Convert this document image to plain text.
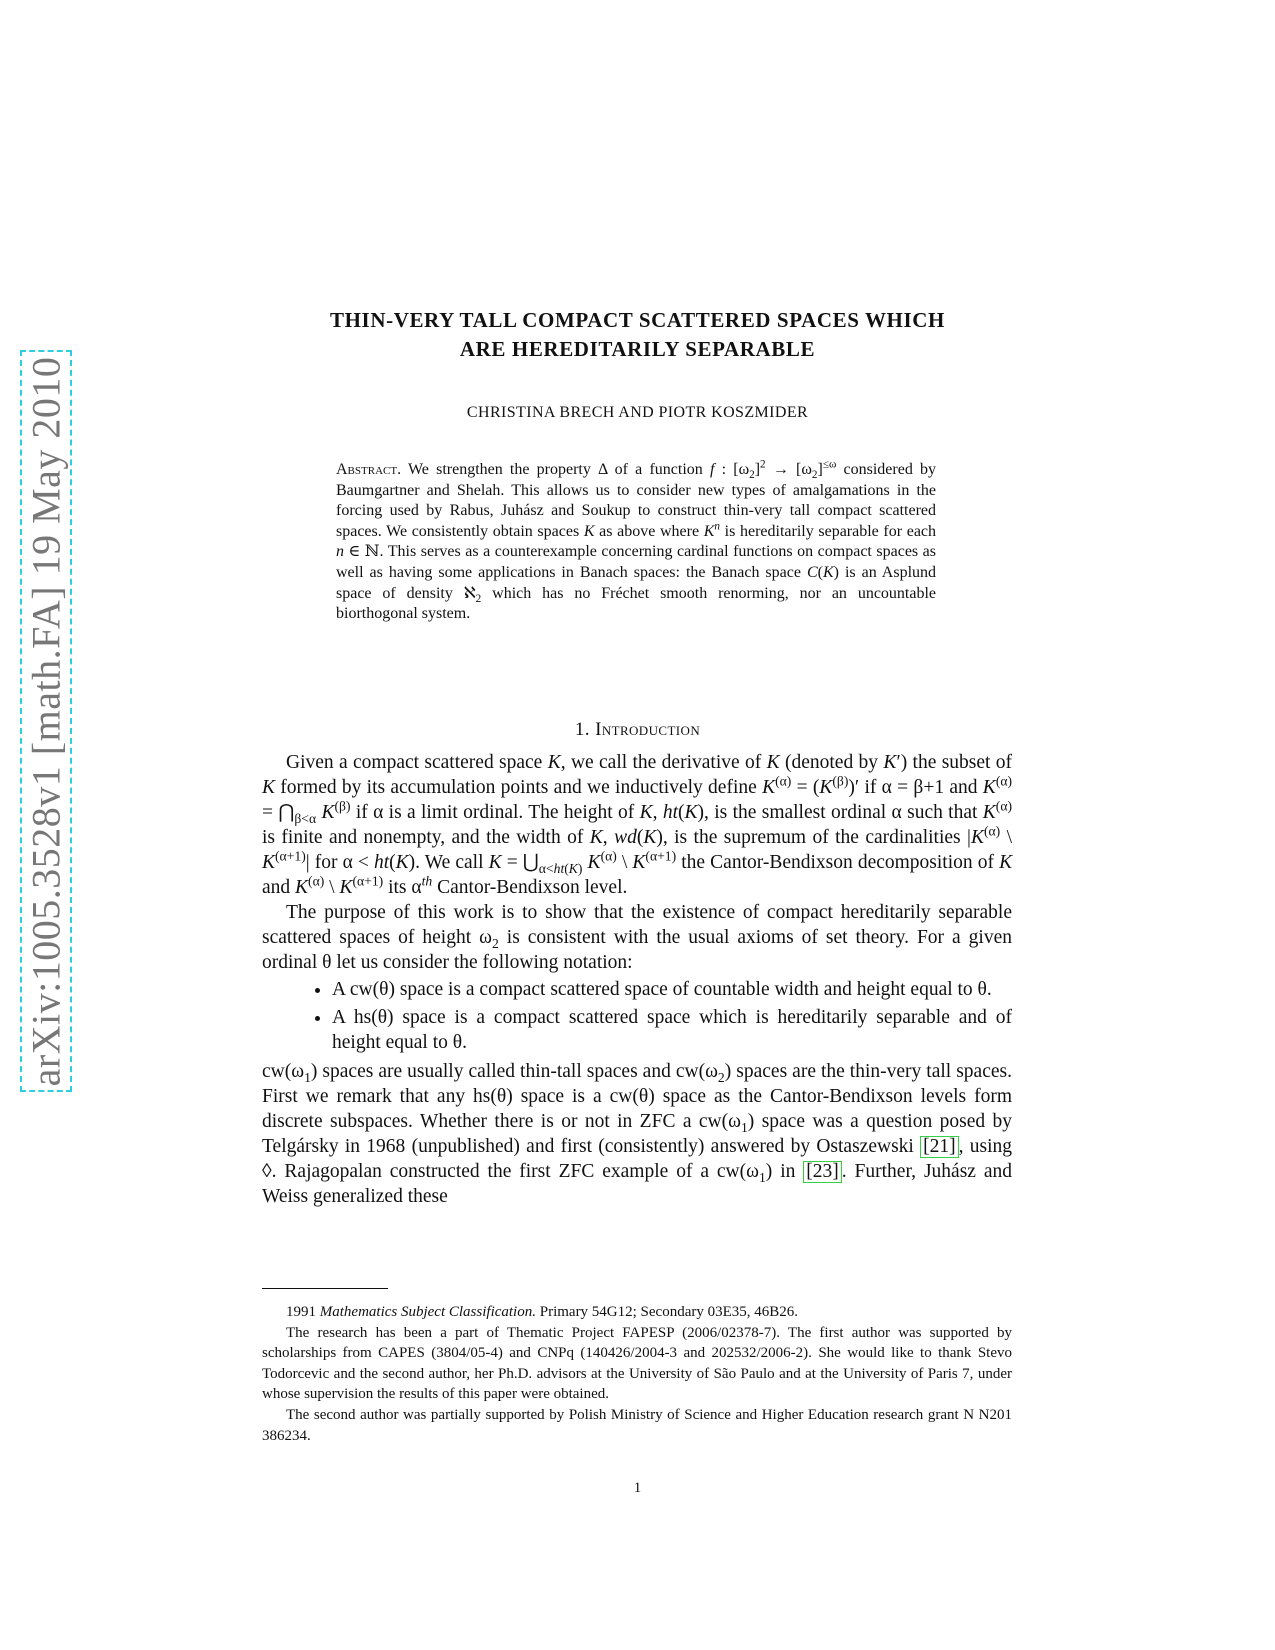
arXiv:1005.3528v1 [math.FA] 19 May 2010
THIN-VERY TALL COMPACT SCATTERED SPACES WHICH
ARE HEREDITARILY SEPARABLE
CHRISTINA BRECH AND PIOTR KOSZMIDER
Abstract. We strengthen the property Δ of a function f : $[\omega_2]^2 \to [\omega_2]^{\le\omega}$ considered by Baumgartner and Shelah. This allows us to consider new types of amalgamations in the forcing used by Rabus, Juhász and Soukup to construct thin-very tall compact scattered spaces. We consistently obtain spaces K as above where $K^n$ is hereditarily separable for each n ∈ ℕ. This serves as a counterexample concerning cardinal functions on compact spaces as well as having some applications in Banach spaces: the Banach space C(K) is an Asplund space of density ℵ$_2$ which has no Fréchet smooth renorming, nor an uncountable biorthogonal system.
1. Introduction

Given a compact scattered space K, we call the derivative of K (denoted by K′) the subset of K formed by its accumulation points and we inductively define $K^{(\alpha)} = (K^{(\beta)})'$ if α = β+1 and $K^{(\alpha)}$ = $⋂_{\beta<\alpha}$ $K^{(\beta)}$ if α is a limit ordinal. The height of K, ht(K), is the smallest ordinal α such that $K^{(\alpha)}$ is finite and nonempty, and the width of K, wd(K), is the supremum of the cardinalities $|K^{(\alpha)}$ \ $K^{(\alpha+1)}|$ for α < ht(K). We call $K = ⋃_{\alpha<ht(K)}$ $K^{(\alpha)}$ \ $K^{(\alpha+1)}$ the Cantor-Bendixson decomposition of K and $K^{(\alpha)}$ \ $K^{(\alpha+1)}$ its $\alpha^{th}$ Cantor-Bendixson level.

The purpose of this work is to show that the existence of compact hereditarily separable scattered spaces of height $\omega_2$ is consistent with the usual axioms of set theory. For a given ordinal θ let us consider the following notation:

• A cw(θ) space is a compact scattered space of countable width and height equal to θ.
• A hs(θ) space is a compact scattered space which is hereditarily separable and of height equal to θ.

$cw(\omega_1)$ spaces are usually called thin-tall spaces and $cw(\omega_2)$ spaces are the thin-very tall spaces. First we remark that any hs(θ) space is a cw(θ) space as the Cantor-Bendixson levels form discrete subspaces. Whether there is or not in ZFC a $cw(\omega_1)$ space was a question posed by Telgársky in 1968 (unpublished) and first (consistently) answered by Ostaszewski [21] , using ◊. Rajagopalan constructed the first ZFC example of a $cw(\omega_1)$ in [23] . Further, Juhász and Weiss generalized these

1991 Mathematics Subject Classification. Primary 54G12; Secondary 03E35, 46B26.

The research has been a part of Thematic Project FAPESP (2006/02378-7). The first author was supported by scholarships from CAPES (3804/05-4) and CNPq (140426/2004-3 and 202532/2006-2). She would like to thank Stevo Todorcevic and the second author, her Ph.D. advisors at the University of São Paulo and at the University of Paris 7, under whose supervision the results of this paper were obtained.

The second author was partially supported by Polish Ministry of Science and Higher Education research grant N N201 386234.

1
